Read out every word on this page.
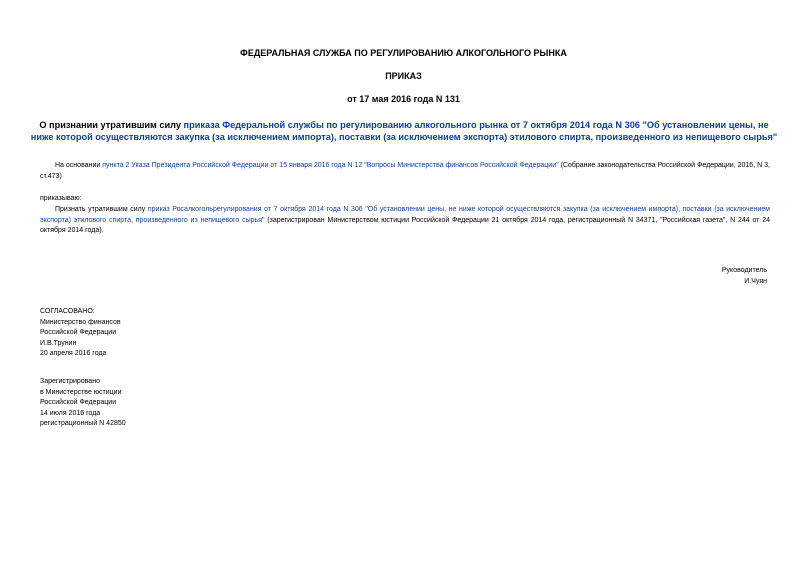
ФЕДЕРАЛЬНАЯ СЛУЖБА ПО РЕГУЛИРОВАНИЮ АЛКОГОЛЬНОГО РЫНКА
ПРИКАЗ
от 17 мая 2016 года N 131
О признании утратившим силу приказа Федеральной службы по регулированию алкогольного рынка от 7 октября 2014 года N 306 "Об установлении цены, не ниже которой осуществляются закупка (за исключением импорта), поставки (за исключением экспорта) этилового спирта, произведенного из непищевого сырья"
На основании пункта 2 Указа Президента Российской Федерации от 15 января 2016 года N 12 "Вопросы Министерства финансов Российской Федерации" (Собрание законодательства Российской Федерации, 2016, N 3, ст.473)
приказываю:
Признать утратившим силу приказ Росалкогольрегулирования от 7 октября 2014 года N 306 "Об установлении цены, не ниже которой осуществляются закупка (за исключением импорта), поставки (за исключением экспорта) этилового спирта, произведенного из непищевого сырья" (зарегистрирован Министерством юстиции Российской Федерации 21 октября 2014 года, регистрационный N 34371, "Российская газета", N 244 от 24 октября 2014 года).
Руководитель
И.Чуян
СОГЛАСОВАНО:
Министерство финансов
Российской Федерации
И.В.Трунин
20 апреля 2016 года
Зарегистрировано
в Министерстве юстиции
Российской Федерации
14 июля 2016 года
регистрационный N 42850
